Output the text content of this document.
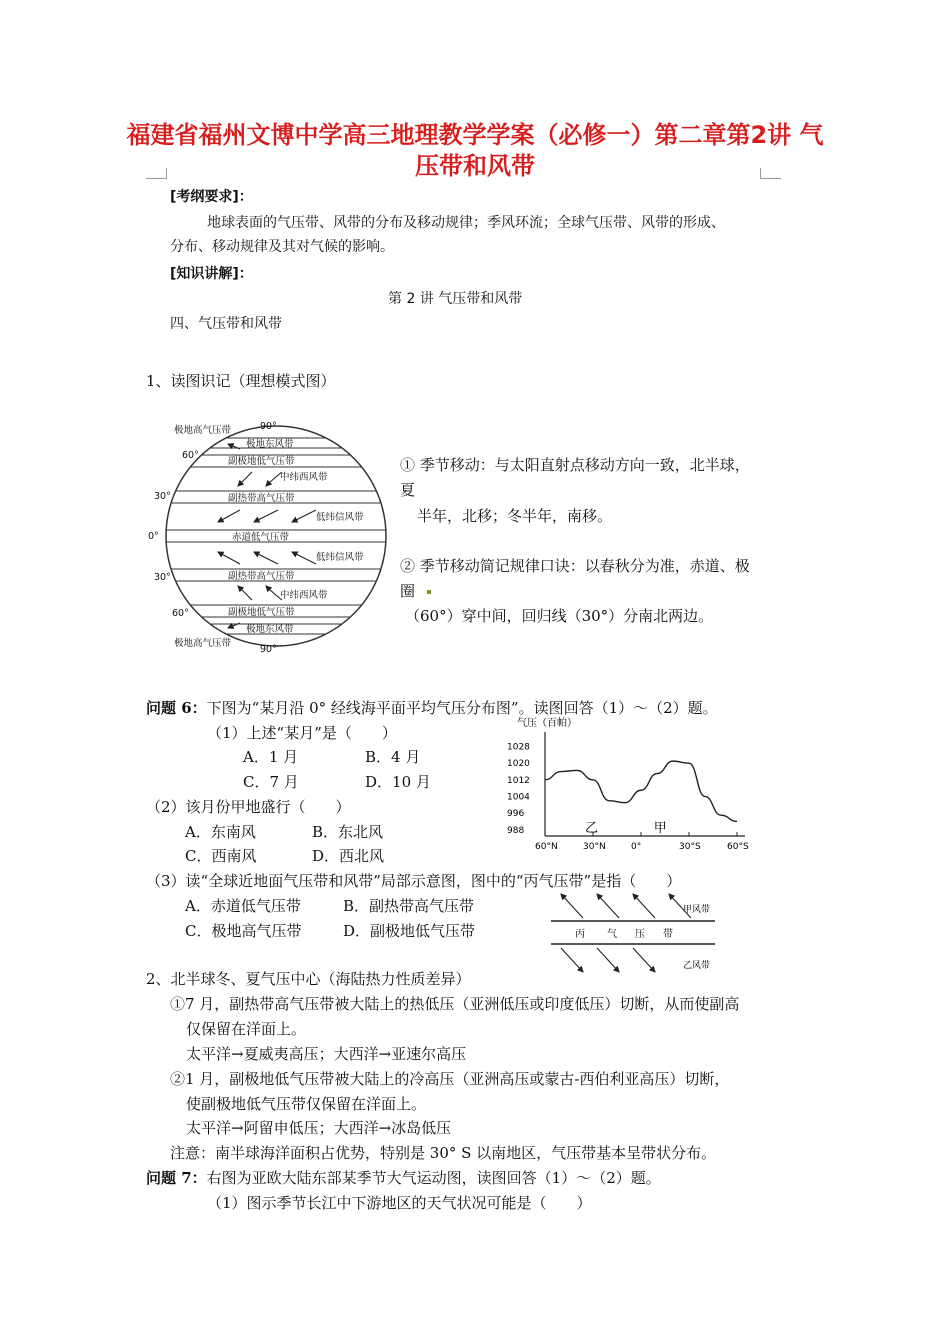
福建省福州文博中学高三地理教学学案（必修一）第二章第2讲 气
压带和风带
[考纲要求]：
地球表面的气压带、风带的分布及移动规律；季风环流；全球气压带、风带的形成、
分布、移动规律及其对气候的影响。
[知识讲解]：
第 2 讲 气压带和风带
四、气压带和风带
1、读图识记（理想模式图）
极地高气压带	90°
极地东风带
60°
副极地低气压带
中纬西风带
30°	副热带高气压带
低纬信风带
0°	赤道低气压带
低纬信风带
30°	副热带高气压带
中纬西风带
60°	副极地低气压带
极地东风带
极地高气压带
90°
① 季节移动：与太阳直射点移动方向一致，北半球，
夏
半年，北移；冬半年，南移。
② 季节移动简记规律口诀：以春秋分为准，赤道、极
圈
（60°）穿中间，回归线（30°）分南北两边。
问题 6：下图为“某月沿 0° 经线海平面平均气压分布图”。读图回答（1）～（2）题。
（1）上述“某月”是（　　）
A．1 月	B．4 月
C．7 月	D．10 月
（2）该月份甲地盛行（　　）
A．东南风	B．东北风
C．西南风	D．西北风
（3）读“全球近地面气压带和风带”局部示意图，图中的“丙气压带”是指（　　）
A．赤道低气压带	B．副热带高气压带
C．极地高气压带	D．副极地低气压带
气压（百帕）
1028
1020
1012
1004
996
988
60°N	30°N	0°	30°S	60°S
乙	甲
甲风带
丙 气 压 带
乙风带
2、北半球冬、夏气压中心（海陆热力性质差异）
①7 月，副热带高气压带被大陆上的热低压（亚洲低压或印度低压）切断，从而使副高
仅保留在洋面上。
太平洋→夏威夷高压；大西洋→亚速尔高压
②1 月，副极地低气压带被大陆上的冷高压（亚洲高压或蒙古-西伯利亚高压）切断，
使副极地低气压带仅保留在洋面上。
太平洋→阿留申低压；大西洋→冰岛低压
注意：南半球海洋面积占优势，特别是 30° S 以南地区，气压带基本呈带状分布。
问题 7：右图为亚欧大陆东部某季节大气运动图，读图回答（1）～（2）题。
（1）图示季节长江中下游地区的天气状况可能是（　　）
